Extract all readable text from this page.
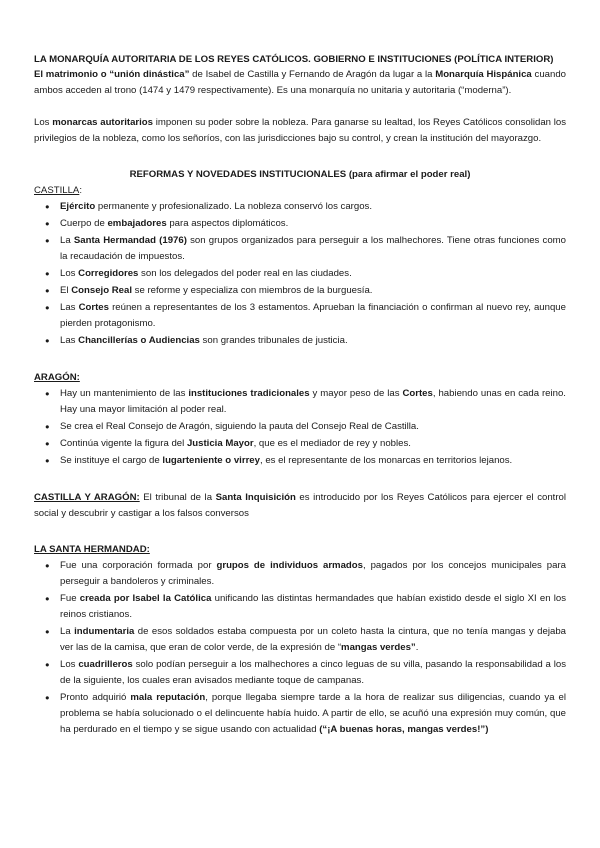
LA MONARQUÍA AUTORITARIA DE LOS REYES CATÓLICOS. GOBIERNO E INSTITUCIONES (POLÍTICA INTERIOR)

El matrimonio o “unión dinástica” de Isabel de Castilla y Fernando de Aragón da lugar a la Monarquía Hispánica cuando ambos acceden al trono (1474 y 1479 respectivamente). Es una monarquía no unitaria y autoritaria (“moderna”).

Los monarcas autoritarios imponen su poder sobre la nobleza. Para ganarse su lealtad, los Reyes Católicos consolidan los privilegios de la nobleza, como los señoríos, con las jurisdicciones bajo su control, y crean la institución del mayorazgo.

REFORMAS Y NOVEDADES INSTITUCIONALES (para afirmar el poder real)

CASTILLA:

● Ejército permanente y profesionalizado. La nobleza conservó los cargos.
● Cuerpo de embajadores para aspectos diplomáticos.
● La Santa Hermandad (1976) son grupos organizados para perseguir a los malhechores. Tiene otras funciones como la recaudación de impuestos.
● Los Corregidores son los delegados del poder real en las ciudades.
● El Consejo Real se reforme y especializa con miembros de la burguesía.
● Las Cortes reúnen a representantes de los 3 estamentos. Aprueban la financiación o confirman al nuevo rey, aunque pierden protagonismo.
● Las Chancillerías o Audiencias son grandes tribunales de justicia.

ARAGÓN:

● Hay un mantenimiento de las instituciones tradicionales y mayor peso de las Cortes, habiendo unas en cada reino. Hay una mayor limitación al poder real.
● Se crea el Real Consejo de Aragón, siguiendo la pauta del Consejo Real de Castilla.
● Continúa vigente la figura del Justicia Mayor, que es el mediador de rey y nobles.
● Se instituye el cargo de lugarteniente o virrey, es el representante de los monarcas en territorios lejanos.

CASTILLA Y ARAGÓN: El tribunal de la Santa Inquisición es introducido por los Reyes Católicos para ejercer el control social y descubrir y castigar a los falsos conversos

LA SANTA HERMANDAD:

● Fue una corporación formada por grupos de individuos armados, pagados por los concejos municipales para perseguir a bandoleros y criminales.
● Fue creada por Isabel la Católica unificando las distintas hermandades que habían existido desde el siglo XI en los reinos cristianos.
● La indumentaria de esos soldados estaba compuesta por un coleto hasta la cintura, que no tenía mangas y dejaba ver las de la camisa, que eran de color verde, de la expresión de “mangas verdes”.
● Los cuadrilleros solo podían perseguir a los malhechores a cinco leguas de su villa, pasando la responsabilidad a los de la siguiente, los cuales eran avisados mediante toque de campanas.
● Pronto adquirió mala reputación, porque llegaba siempre tarde a la hora de realizar sus diligencias, cuando ya el problema se había solucionado o el delincuente había huido. A partir de ello, se acuñó una expresión muy común, que ha perdurado en el tiempo y se sigue usando con actualidad (“¡A buenas horas, mangas verdes!”)
